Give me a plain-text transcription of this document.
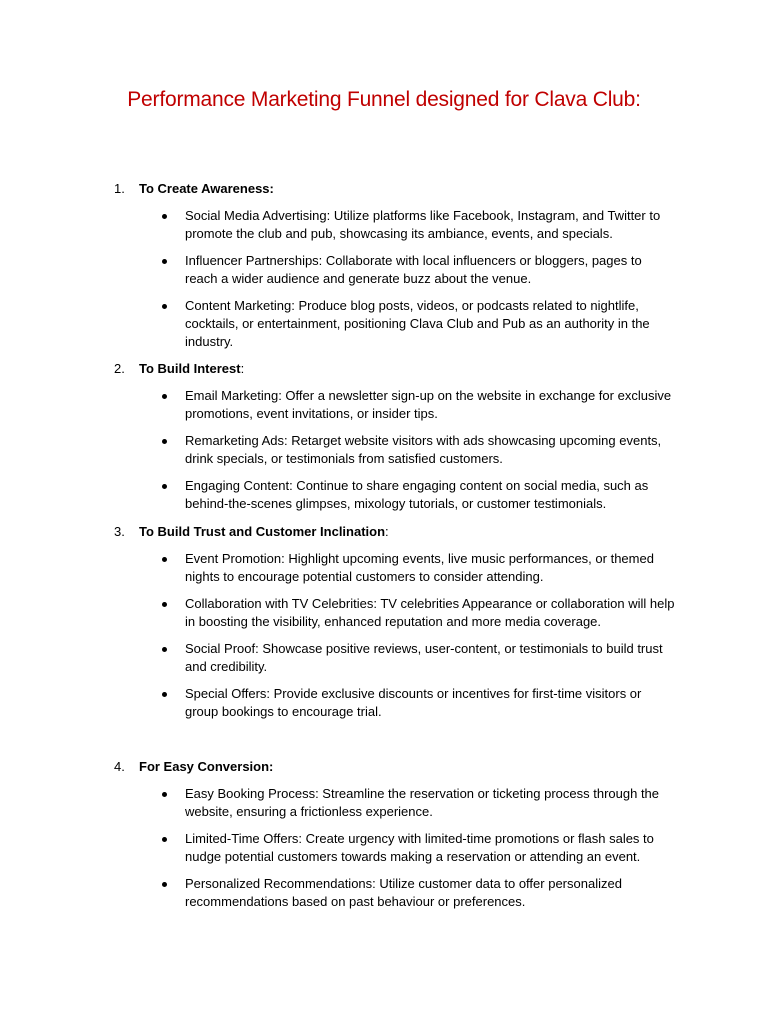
Performance Marketing Funnel designed for Clava Club:
1. To Create Awareness:
Social Media Advertising: Utilize platforms like Facebook, Instagram, and Twitter to promote the club and pub, showcasing its ambiance, events, and specials.
Influencer Partnerships: Collaborate with local influencers or bloggers, pages to reach a wider audience and generate buzz about the venue.
Content Marketing: Produce blog posts, videos, or podcasts related to nightlife, cocktails, or entertainment, positioning Clava Club and Pub as an authority in the industry.
2. To Build Interest:
Email Marketing: Offer a newsletter sign-up on the website in exchange for exclusive promotions, event invitations, or insider tips.
Remarketing Ads: Retarget website visitors with ads showcasing upcoming events, drink specials, or testimonials from satisfied customers.
Engaging Content: Continue to share engaging content on social media, such as behind-the-scenes glimpses, mixology tutorials, or customer testimonials.
3. To Build Trust and Customer Inclination:
Event Promotion: Highlight upcoming events, live music performances, or themed nights to encourage potential customers to consider attending.
Collaboration with TV Celebrities: TV celebrities Appearance or collaboration will help in boosting the visibility, enhanced reputation and more media coverage.
Social Proof: Showcase positive reviews, user-content, or testimonials to build trust and credibility.
Special Offers: Provide exclusive discounts or incentives for first-time visitors or group bookings to encourage trial.
4. For Easy Conversion:
Easy Booking Process: Streamline the reservation or ticketing process through the website, ensuring a frictionless experience.
Limited-Time Offers: Create urgency with limited-time promotions or flash sales to nudge potential customers towards making a reservation or attending an event.
Personalized Recommendations: Utilize customer data to offer personalized recommendations based on past behaviour or preferences.
